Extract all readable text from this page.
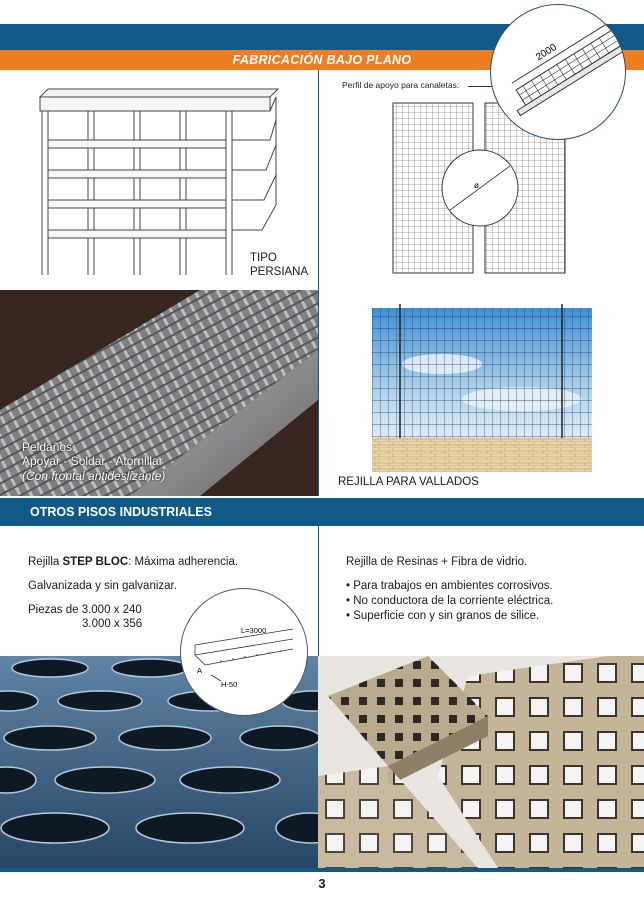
FABRICACIÓN BAJO PLANO
TIPO
PERSIANA
Perfil de apoyo para canaletas:
ø
2000
Peldaños:
Apoyar - Soldar - Atornillar
(Con frontal antideslizante)	REJILLA PARA VALLADOS
OTROS PISOS INDUSTRIALES
Rejilla STEP BLOC: Máxima adherencia.
Galvanizada y sin galvanizar.
Piezas de 3.000 x 240
3.000 x 356
L=3000
A
H-50
Rejilla de Resinas + Fibra de vidrio.
• Para trabajos en ambientes corrosivos.
• No conductora de la corriente eléctrica.
• Superficie con y sin granos de silice.
3
